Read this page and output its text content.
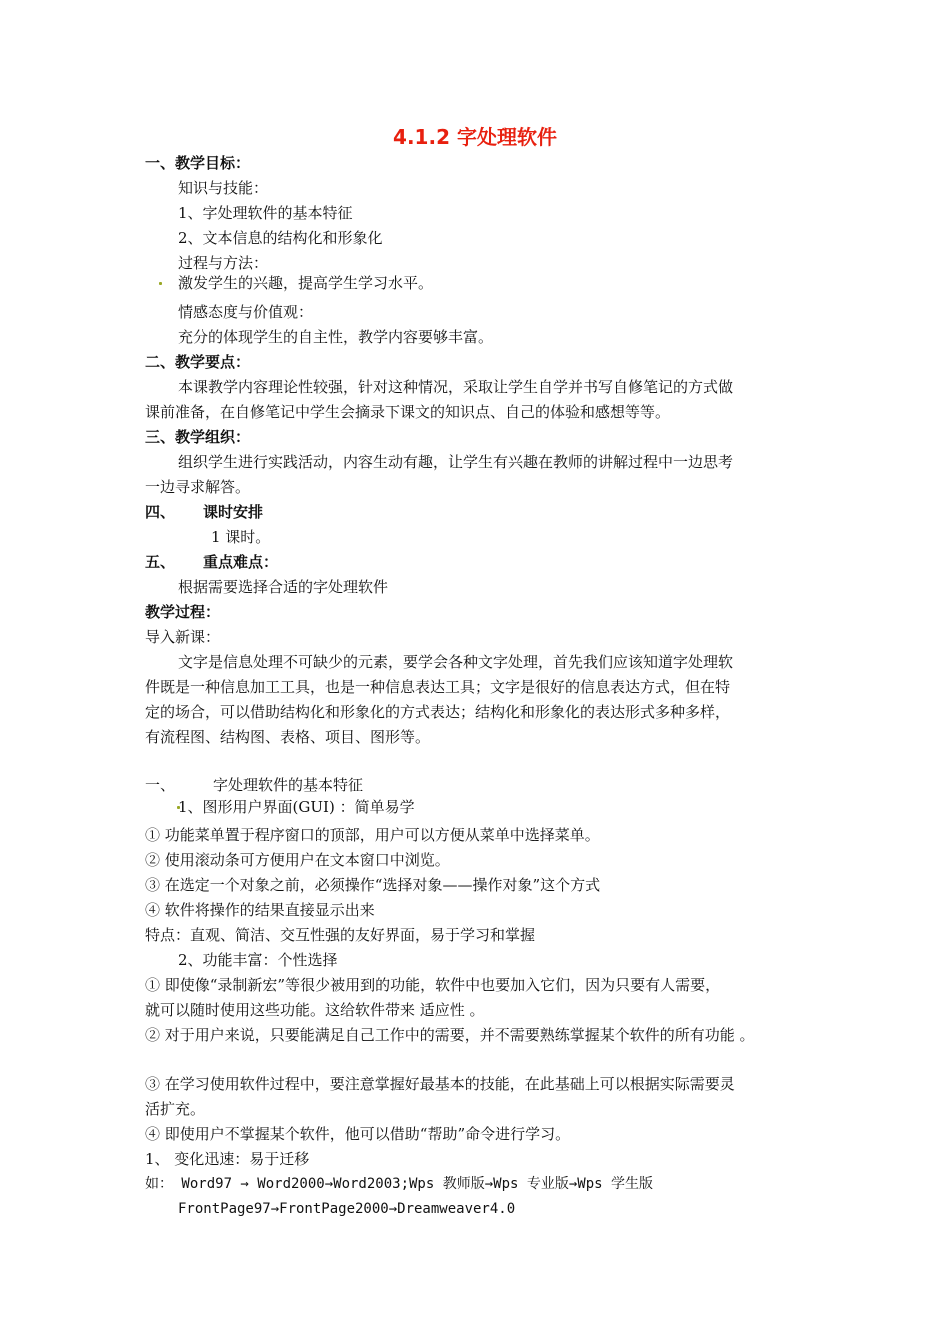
4.1.2 字处理软件
一、教学目标：
知识与技能：
1、字处理软件的基本特征
2、文本信息的结构化和形象化
过程与方法：
激发学生的兴趣，提高学生学习水平。
情感态度与价值观：
充分的体现学生的自主性，教学内容要够丰富。
二、教学要点：
本课教学内容理论性较强，针对这种情况，采取让学生自学并书写自修笔记的方式做
课前准备，在自修笔记中学生会摘录下课文的知识点、自己的体验和感想等等。
三、教学组织：
组织学生进行实践活动，内容生动有趣，让学生有兴趣在教师的讲解过程中一边思考
一边寻求解答。
四、 课时安排
1 课时。
五、 重点难点：
根据需要选择合适的字处理软件
教学过程：
导入新课：
文字是信息处理不可缺少的元素，要学会各种文字处理，首先我们应该知道字处理软
件既是一种信息加工工具，也是一种信息表达工具；文字是很好的信息表达方式，但在特
定的场合，可以借助结构化和形象化的方式表达；结构化和形象化的表达形式多种多样，
有流程图、结构图、表格、项目、图形等。
一、	字处理软件的基本特征
1、图形用户界面(GUI) ：简单易学
① 功能菜单置于程序窗口的顶部，用户可以方便从菜单中选择菜单。
② 使用滚动条可方便用户在文本窗口中浏览。
③ 在选定一个对象之前，必须操作“选择对象——操作对象”这个方式
④ 软件将操作的结果直接显示出来
特点：直观、简洁、交互性强的友好界面，易于学习和掌握
2、功能丰富：个性选择
① 即使像“录制新宏”等很少被用到的功能，软件中也要加入它们，因为只要有人需要，
就可以随时使用这些功能。这给软件带来 适应性 。
② 对于用户来说，只要能满足自己工作中的需要，并不需要熟练掌握某个软件的所有功能 。
③ 在学习使用软件过程中，要注意掌握好最基本的技能，在此基础上可以根据实际需要灵
活扩充。
④ 即使用户不掌握某个软件，他可以借助“帮助”命令进行学习。
1、 变化迅速：易于迁移
如： Word97 → Word2000→Word2003;Wps 教师版→Wps 专业版→Wps 学生版
FrontPage97→FrontPage2000→Dreamweaver4.0
